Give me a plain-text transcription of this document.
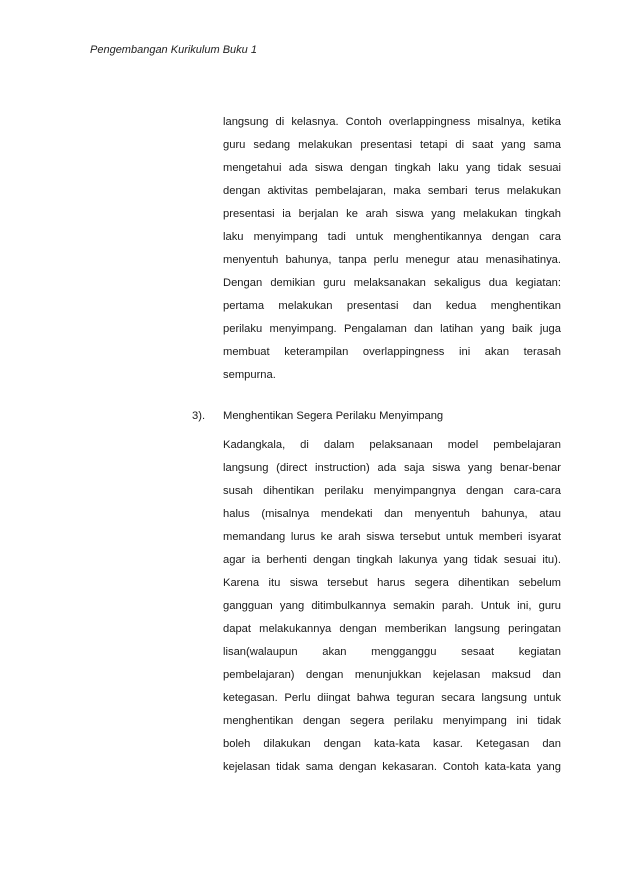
Pengembangan Kurikulum Buku 1
langsung di kelasnya. Contoh overlappingness misalnya, ketika
guru sedang melakukan presentasi tetapi di saat yang sama
mengetahui ada siswa dengan tingkah laku yang tidak sesuai
dengan aktivitas pembelajaran, maka sembari terus melakukan
presentasi ia berjalan ke arah siswa yang melakukan tingkah
laku menyimpang tadi untuk menghentikannya dengan cara
menyentuh bahunya, tanpa perlu menegur atau menasihatinya.
Dengan demikian guru melaksanakan sekaligus dua kegiatan:
pertama melakukan presentasi dan kedua menghentikan
perilaku menyimpang. Pengalaman dan latihan yang baik juga
membuat keterampilan overlappingness ini akan terasah
sempurna.
3). Menghentikan Segera Perilaku Menyimpang
Kadangkala, di dalam pelaksanaan model pembelajaran
langsung (direct instruction) ada saja siswa yang benar-benar
susah dihentikan perilaku menyimpangnya dengan cara-cara
halus (misalnya mendekati dan menyentuh bahunya, atau
memandang lurus ke arah siswa tersebut untuk memberi isyarat
agar ia berhenti dengan tingkah lakunya yang tidak sesuai itu).
Karena itu siswa tersebut harus segera dihentikan sebelum
gangguan yang ditimbulkannya semakin parah. Untuk ini, guru
dapat melakukannya dengan memberikan langsung peringatan
lisan(walaupun akan mengganggu sesaat kegiatan
pembelajaran) dengan menunjukkan kejelasan maksud dan
ketegasan. Perlu diingat bahwa teguran secara langsung untuk
menghentikan dengan segera perilaku menyimpang ini tidak
boleh dilakukan dengan kata-kata kasar. Ketegasan dan
kejelasan tidak sama dengan kekasaran. Contoh kata-kata yang
